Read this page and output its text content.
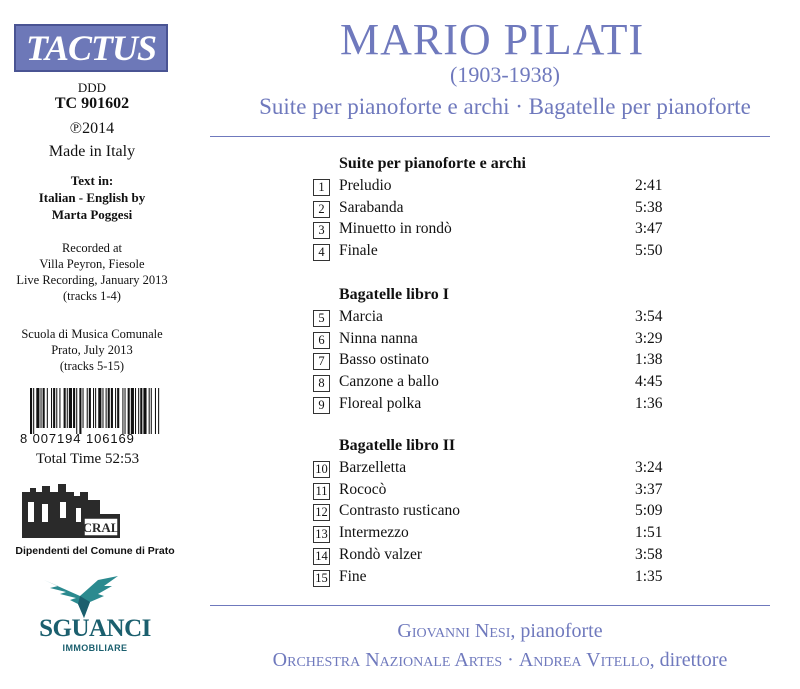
TACTUS
DDD
TC 901602
℗2014
Made in Italy
Text in:
Italian - English by
Marta Poggesi
Recorded at
Villa Peyron, Fiesole
Live Recording, January 2013
(tracks 1-4)
Scuola di Musica Comunale
Prato, July 2013
(tracks 5-15)
8 007194 106169
Total Time 52:53
CRAL
Dipendenti del Comune di Prato
SGUANCI
IMMOBILIARE
MARIO PILATI
(1903-1938)
Suite per pianoforte e archi · Bagatelle per pianoforte
Suite per pianoforte e archi
1 Preludio	2:41
2 Sarabanda	5:38
3 Minuetto in rondò	3:47
4 Finale	5:50
Bagatelle libro I
5 Marcia	3:54
6 Ninna nanna	3:29
7 Basso ostinato	1:38
8 Canzone a ballo	4:45
9 Floreal polka	1:36
Bagatelle libro II
10 Barzelletta	3:24
11 Rococò	3:37
12 Contrasto rusticano	5:09
13 Intermezzo	1:51
14 Rondò valzer	3:58
15 Fine	1:35
Giovanni Nesi, pianoforte
Orchestra Nazionale Artes · Andrea Vitello, direttore
